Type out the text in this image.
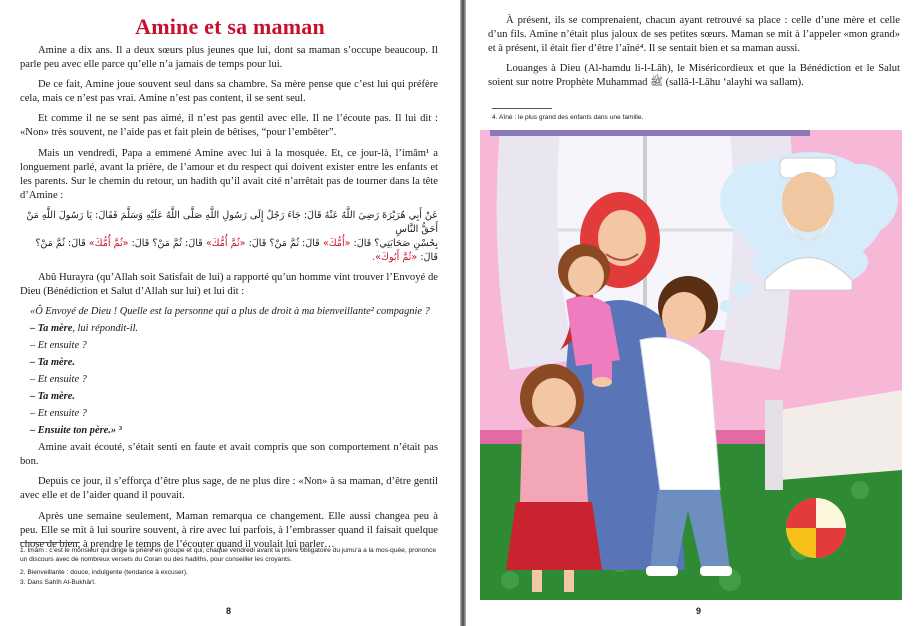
Amine et sa maman

Amine a dix ans. Il a deux sœurs plus jeunes que lui, dont sa maman s’occupe beaucoup. Il parle peu avec elle parce qu’elle n’a jamais de temps pour lui.

De ce fait, Amine joue souvent seul dans sa chambre. Sa mère pense que c’est lui qui préfère cela, mais ce n’est pas vrai. Amine n’est pas content, il se sent seul.

Et comme il ne se sent pas aimé, il n’est pas gentil avec elle. Il ne l’écoute pas. Il lui dit : «Non» très souvent, ne l’aide pas et fait plein de bêtises, “pour l’embêter”.

Mais un vendredi, Papa a emmené Amine avec lui à la mosquée. Et, ce jour-là, l’imâm¹ a longuement parlé, avant la prière, de l’amour et du respect qui doivent exister entre les enfants et les parents. Sur le chemin du retour, un hadith qu’il avait cité n’arrêtait pas de tourner dans la tête d’Amine :

عَنْ أَبِي هُرَيْرَةَ رَضِيَ اللَّهُ عَنْهُ قَالَ: جَاءَ رَجُلٌ إِلَى رَسُولِ اللَّهِ صَلَّى اللَّهُ عَلَيْهِ وَسَلَّمَ فَقَالَ: يَا رَسُولَ اللَّهِ مَنْ أَحَقُّ النَّاسِ
بِحُسْنِ صَحَابَتِي؟ قَالَ: «أُمُّكَ» قَالَ: ثُمَّ مَنْ؟ قَالَ: «ثُمَّ أُمُّكَ» قَالَ: ثُمَّ مَنْ؟ قَالَ: «ثُمَّ أُمُّكَ» قَالَ: ثُمَّ مَنْ؟ قَالَ: «ثُمَّ أَبُوكَ».

Abû Hurayra (qu’Allah soit Satisfait de lui) a rapporté qu’un homme vint trouver l’Envoyé de Dieu (Bénédiction et Salut d’Allah sur lui) et lui dit :

«Ô Envoyé de Dieu ! Quelle est la personne qui a plus de droit à ma bienveillante² compagnie ?
– Ta mère, lui répondit-il.
– Et ensuite ?
– Ta mère.
– Et ensuite ?
– Ta mère.
– Et ensuite ?
– Ensuite ton père.» ³

Amine avait écouté, s’était senti en faute et avait compris que son comportement n’était pas bon.

Depuis ce jour, il s’efforça d’être plus sage, de ne plus dire : «Non» à sa maman, d’être gentil avec elle et de l’aider quand il pouvait.

Après une semaine seulement, Maman remarqua ce changement. Elle aussi changea peu à peu. Elle se mit à lui sourire souvent, à rire avec lui parfois, à l’embrasser quand il faisait quelque chose de bien, à prendre le temps de l’écouter quand il voulait lui parler…

1. Imâm : c’est le monsieur qui dirige la prière en groupe et qui, chaque vendredi avant la prière obligatoire du jumu‘a a la mos-quée, prononce un discours avec de nombreux versets du Coran ou des hadiths, pour conseiller les croyants.
2. Bienveillante : douce, indulgente (tendance à excuser).
3. Dans Sahîh Al-Bukhârî.
8

À présent, ils se comprenaient, chacun ayant retrouvé sa place : celle d’une mère et celle d’un fils. Amine n’était plus jaloux de ses petites sœurs. Maman se mit à l’appeler «mon grand» et à présent, il était fier d’être l’aîné⁴. Il se sentait bien et sa maman aussi.

Louanges à Dieu (Al-hamdu li-l-Lâh), le Miséricordieux et que la Bénédiction et le Salut soient sur notre Prophète Muhammad ﷺ (sallâ-l-Lâhu ‘alayhi wa sallam).

4. Aîné : le plus grand des enfants dans une famille.
9
